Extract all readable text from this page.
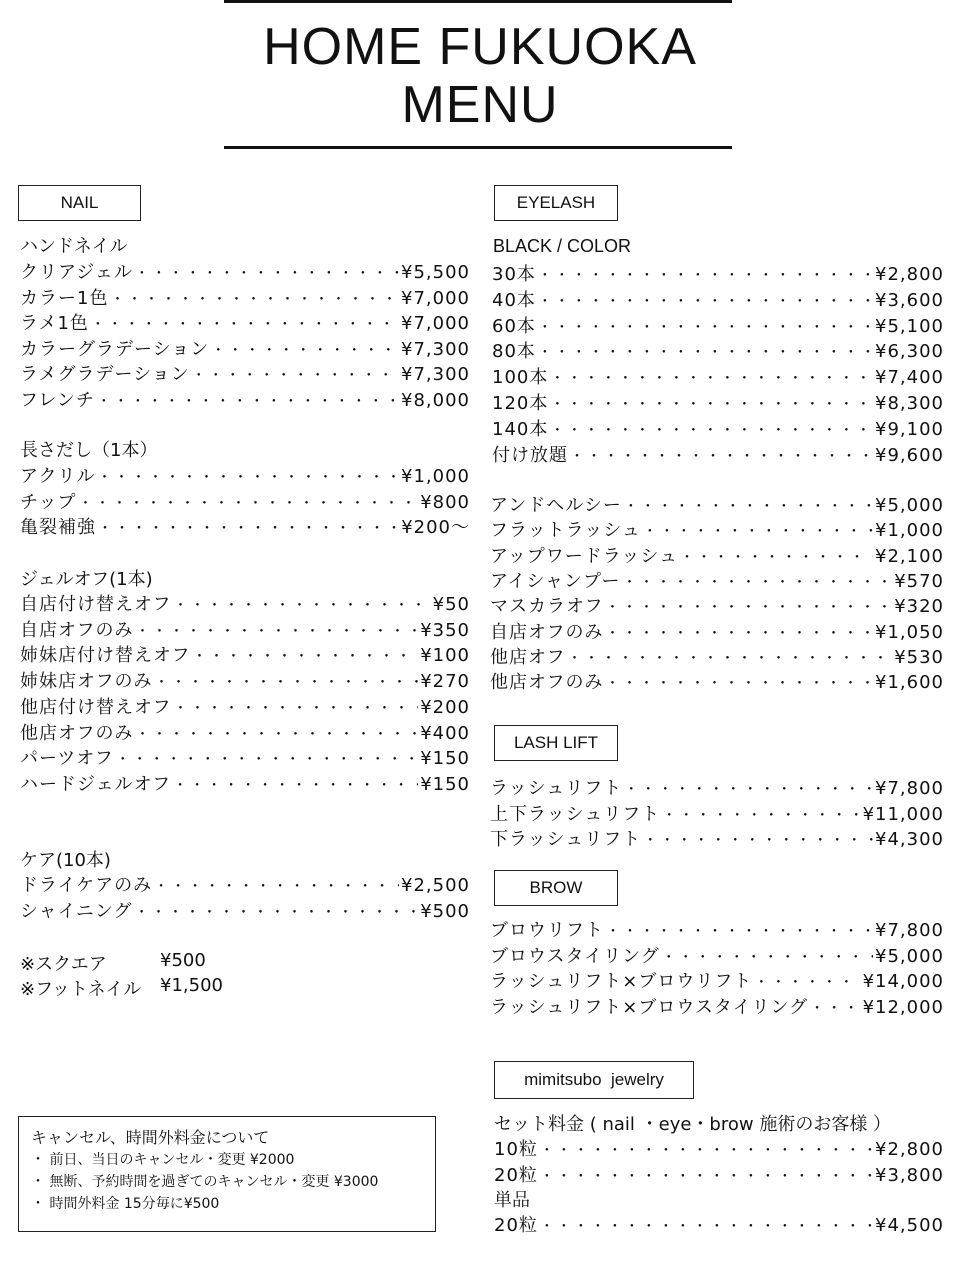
HOME FUKUOKA
MENU
NAIL
ハンドネイル
クリアジェル ・・・・・・・・・・・・・・・・・・・・・・・・・・・・・・・・・・・・・・・・・・・・	¥5,500
カラー1色 ・・・・・・・・・・・・・・・・・・・・・・・・・・・・・・・・・・・・・・・・・・・・	¥7,000
ラメ1色 ・・・・・・・・・・・・・・・・・・・・・・・・・・・・・・・・・・・・・・・・・・・・	¥7,000
カラーグラデーション ・・・・・・・・・・・・・・・・・・・・・・・・・・・・・・・・・・・・・・・・・・・・	¥7,300
ラメグラデーション ・・・・・・・・・・・・・・・・・・・・・・・・・・・・・・・・・・・・・・・・・・・・	¥7,300
フレンチ ・・・・・・・・・・・・・・・・・・・・・・・・・・・・・・・・・・・・・・・・・・・・	¥8,000
長さだし（1本）
アクリル ・・・・・・・・・・・・・・・・・・・・・・・・・・・・・・・・・・・・・・・・・・・・	¥1,000
チップ ・・・・・・・・・・・・・・・・・・・・・・・・・・・・・・・・・・・・・・・・・・・・	¥800
亀裂補強 ・・・・・・・・・・・・・・・・・・・・・・・・・・・・・・・・・・・・・・・・・・・・	¥200～
ジェルオフ(1本)
自店付け替えオフ ・・・・・・・・・・・・・・・・・・・・・・・・・・・・・・・・・・・・・・・・・・・・	¥50
自店オフのみ ・・・・・・・・・・・・・・・・・・・・・・・・・・・・・・・・・・・・・・・・・・・・	¥350
姉妹店付け替えオフ ・・・・・・・・・・・・・・・・・・・・・・・・・・・・・・・・・・・・・・・・・・・・	¥100
姉妹店オフのみ ・・・・・・・・・・・・・・・・・・・・・・・・・・・・・・・・・・・・・・・・・・・・	¥270
他店付け替えオフ ・・・・・・・・・・・・・・・・・・・・・・・・・・・・・・・・・・・・・・・・・・・・	¥200
他店オフのみ ・・・・・・・・・・・・・・・・・・・・・・・・・・・・・・・・・・・・・・・・・・・・	¥400
パーツオフ ・・・・・・・・・・・・・・・・・・・・・・・・・・・・・・・・・・・・・・・・・・・・	¥150
ハードジェルオフ ・・・・・・・・・・・・・・・・・・・・・・・・・・・・・・・・・・・・・・・・・・・・	¥150
ケア(10本)
ドライケアのみ ・・・・・・・・・・・・・・・・・・・・・・・・・・・・・・・・・・・・・・・・・・・・	¥2,500
シャイニング ・・・・・・・・・・・・・・・・・・・・・・・・・・・・・・・・・・・・・・・・・・・・	¥500
※スクエア	¥500
※フットネイル ¥1,500
キャンセル、時間外料金について
・ 前日、当日のキャンセル・変更 ¥2000
・ 無断、予約時間を過ぎてのキャンセル・変更 ¥3000
・ 時間外料金 15分毎に¥500
EYELASH
BLACK / COLOR
30本 ・・・・・・・・・・・・・・・・・・・・・・・・・・・・・・・・・・・・・・・・・・・・	¥2,800
40本 ・・・・・・・・・・・・・・・・・・・・・・・・・・・・・・・・・・・・・・・・・・・・	¥3,600
60本 ・・・・・・・・・・・・・・・・・・・・・・・・・・・・・・・・・・・・・・・・・・・・	¥5,100
80本 ・・・・・・・・・・・・・・・・・・・・・・・・・・・・・・・・・・・・・・・・・・・・	¥6,300
100本 ・・・・・・・・・・・・・・・・・・・・・・・・・・・・・・・・・・・・・・・・・・・・	¥7,400
120本 ・・・・・・・・・・・・・・・・・・・・・・・・・・・・・・・・・・・・・・・・・・・・	¥8,300
140本 ・・・・・・・・・・・・・・・・・・・・・・・・・・・・・・・・・・・・・・・・・・・・	¥9,100
付け放題 ・・・・・・・・・・・・・・・・・・・・・・・・・・・・・・・・・・・・・・・・・・・・	¥9,600
アンドヘルシー ・・・・・・・・・・・・・・・・・・・・・・・・・・・・・・・・・・・・・・・・・・・・	¥5,000
フラットラッシュ ・・・・・・・・・・・・・・・・・・・・・・・・・・・・・・・・・・・・・・・・・・・・	¥1,000
アップワードラッシュ ・・・・・・・・・・・・・・・・・・・・・・・・・・・・・・・・・・・・・・・・・・・・	¥2,100
アイシャンプー ・・・・・・・・・・・・・・・・・・・・・・・・・・・・・・・・・・・・・・・・・・・・	¥570
マスカラオフ ・・・・・・・・・・・・・・・・・・・・・・・・・・・・・・・・・・・・・・・・・・・・	¥320
自店オフのみ ・・・・・・・・・・・・・・・・・・・・・・・・・・・・・・・・・・・・・・・・・・・・	¥1,050
他店オフ ・・・・・・・・・・・・・・・・・・・・・・・・・・・・・・・・・・・・・・・・・・・・	¥530
他店オフのみ ・・・・・・・・・・・・・・・・・・・・・・・・・・・・・・・・・・・・・・・・・・・・	¥1,600
LASH LIFT
ラッシュリフト ・・・・・・・・・・・・・・・・・・・・・・・・・・・・・・・・・・・・・・・・・・・・	¥7,800
上下ラッシュリフト ・・・・・・・・・・・・・・・・・・・・・・・・・・・・・・・・・・・・・・・・・・・・	¥11,000
下ラッシュリフト ・・・・・・・・・・・・・・・・・・・・・・・・・・・・・・・・・・・・・・・・・・・・	¥4,300
BROW
ブロウリフト ・・・・・・・・・・・・・・・・・・・・・・・・・・・・・・・・・・・・・・・・・・・・	¥7,800
ブロウスタイリング ・・・・・・・・・・・・・・・・・・・・・・・・・・・・・・・・・・・・・・・・・・・・	¥5,000
ラッシュリフト×ブロウリフト ・・・・・・・・・・・・・・・・・・・・・・・・・・・・・・・・・・・・・・・・・・・・	¥14,000
ラッシュリフト×ブロウスタイリング ・・・・・・・・・・・・・・・・・・・・・・・・・・・・・・・・・・・・・・・・・・・・	¥12,000
mimitsubo  jewelry
セット料金 ( nail ・eye・brow 施術のお客様 ）
10粒 ・・・・・・・・・・・・・・・・・・・・・・・・・・・・・・・・・・・・・・・・・・・・	¥2,800
20粒 ・・・・・・・・・・・・・・・・・・・・・・・・・・・・・・・・・・・・・・・・・・・・	¥3,800
単品
20粒 ・・・・・・・・・・・・・・・・・・・・・・・・・・・・・・・・・・・・・・・・・・・・	¥4,500
